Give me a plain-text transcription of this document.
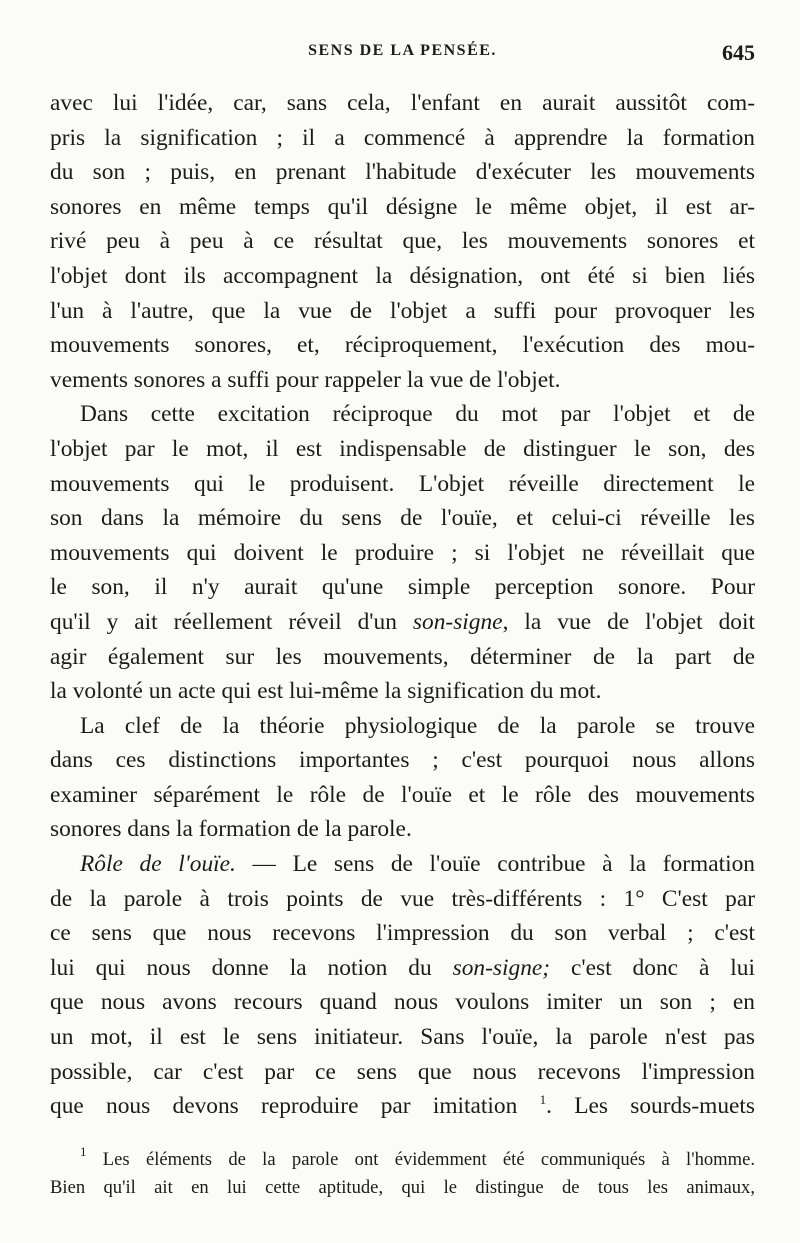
SENS DE LA PENSÉE.	645

avec lui l'idée, car, sans cela, l'enfant en aurait aussitôt com-
pris la signification ; il a commencé à apprendre la formation
du son ; puis, en prenant l'habitude d'exécuter les mouvements
sonores en même temps qu'il désigne le même objet, il est ar-
rivé peu à peu à ce résultat que, les mouvements sonores et
l'objet dont ils accompagnent la désignation, ont été si bien liés
l'un à l'autre, que la vue de l'objet a suffi pour provoquer les
mouvements sonores, et, réciproquement, l'exécution des mou-
vements sonores a suffi pour rappeler la vue de l'objet.

Dans cette excitation réciproque du mot par l'objet et de
l'objet par le mot, il est indispensable de distinguer le son, des
mouvements qui le produisent. L'objet réveille directement le
son dans la mémoire du sens de l'ouïe, et celui-ci réveille les
mouvements qui doivent le produire ; si l'objet ne réveillait que
le son, il n'y aurait qu'une simple perception sonore. Pour
qu'il y ait réellement réveil d'un son-signe, la vue de l'objet doit
agir également sur les mouvements, déterminer de la part de
la volonté un acte qui est lui-même la signification du mot.

La clef de la théorie physiologique de la parole se trouve
dans ces distinctions importantes ; c'est pourquoi nous allons
examiner séparément le rôle de l'ouïe et le rôle des mouvements
sonores dans la formation de la parole.

Rôle de l'ouïe. — Le sens de l'ouïe contribue à la formation
de la parole à trois points de vue très-différents : 1° C'est par
ce sens que nous recevons l'impression du son verbal ; c'est
lui qui nous donne la notion du son-signe; c'est donc à lui
que nous avons recours quand nous voulons imiter un son ; en
un mot, il est le sens initiateur. Sans l'ouïe, la parole n'est pas
possible, car c'est par ce sens que nous recevons l'impression
que nous devons reproduire par imitation $^1$. Les sourds-muets

$^1$ Les éléments de la parole ont évidemment été communiqués à l'homme.
Bien qu'il ait en lui cette aptitude, qui le distingue de tous les animaux,
